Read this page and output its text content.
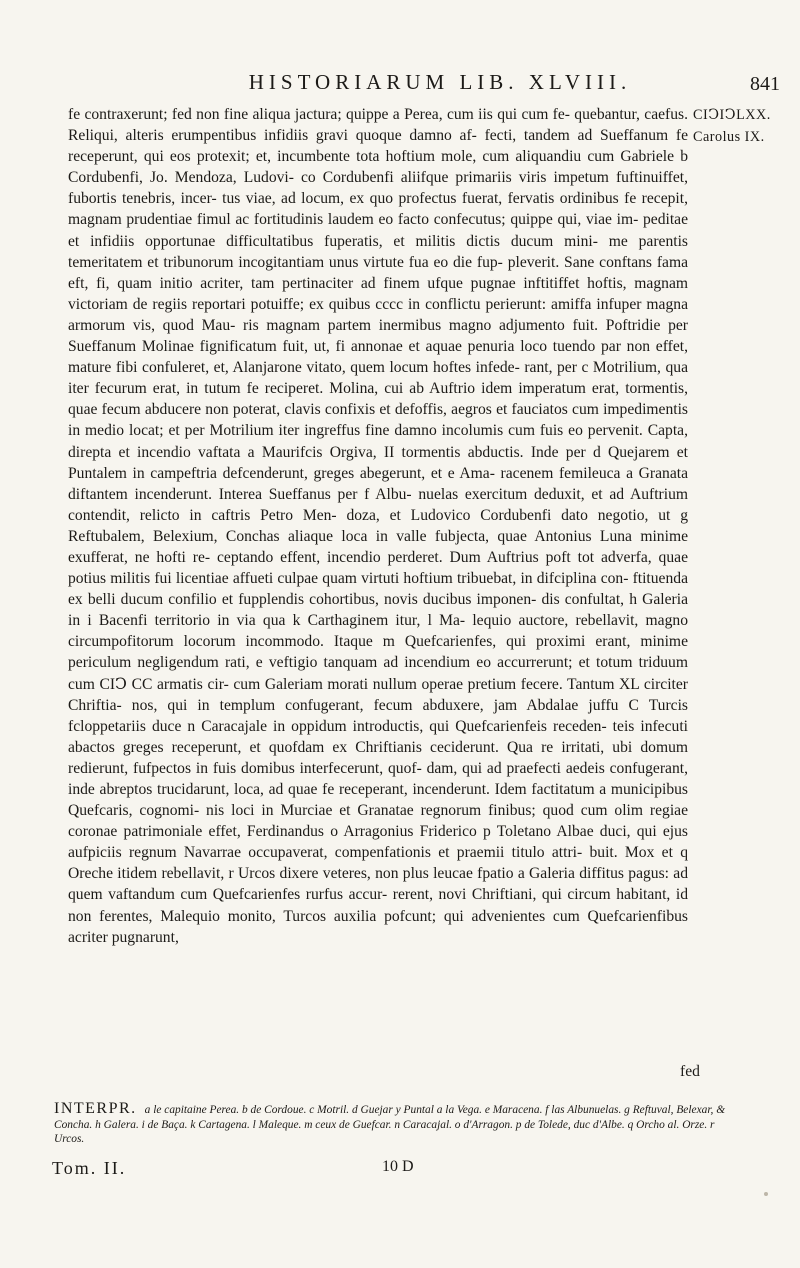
HISTORIARUM LIB. XLVIII.	841
CIↃIↃLXX.
Carolus IX.

fe contraxerunt; fed non fine aliqua jactura; quippe a Perea, cum iis qui cum fe- quebantur, caefus. Reliqui, alteris erumpentibus infidiis gravi quoque damno af- fecti, tandem ad Sueffanum fe receperunt, qui eos protexit; et, incumbente tota hoftium mole, cum aliquandiu cum Gabriele b Cordubenfi, Jo. Mendoza, Ludovi- co Cordubenfi aliifque primariis viris impetum fuftinuiffet, fubortis tenebris, incer- tus viae, ad locum, ex quo profectus fuerat, fervatis ordinibus fe recepit, magnam prudentiae fimul ac fortitudinis laudem eo facto confecutus; quippe qui, viae im- peditae et infidiis opportunae difficultatibus fuperatis, et militis dictis ducum mini- me parentis temeritatem et tribunorum incogitantiam unus virtute fua eo die fup- pleverit. Sane conftans fama eft, fi, quam initio acriter, tam pertinaciter ad finem ufque pugnae inftitiffet hoftis, magnam victoriam de regiis reportari potuiffe; ex quibus cccc in conflictu perierunt: amiffa infuper magna armorum vis, quod Mau- ris magnam partem inermibus magno adjumento fuit. Poftridie per Sueffanum Molinae fignificatum fuit, ut, fi annonae et aquae penuria loco tuendo par non effet, mature fibi confuleret, et, Alanjarone vitato, quem locum hoftes infede- rant, per c Motrilium, qua iter fecurum erat, in tutum fe reciperet. Molina, cui ab Auftrio idem imperatum erat, tormentis, quae fecum abducere non poterat, clavis confixis et defoffis, aegros et fauciatos cum impedimentis in medio locat; et per Motrilium iter ingreffus fine damno incolumis cum fuis eo pervenit. Capta, direpta et incendio vaftata a Maurifcis Orgiva, II tormentis abductis. Inde per d Quejarem et Puntalem in campeftria defcenderunt, greges abegerunt, et e Ama- racenem femileuca a Granata diftantem incenderunt. Interea Sueffanus per f Albu- nuelas exercitum deduxit, et ad Auftrium contendit, relicto in caftris Petro Men- doza, et Ludovico Cordubenfi dato negotio, ut g Reftubalem, Belexium, Conchas aliaque loca in valle fubjecta, quae Antonius Luna minime exufferat, ne hofti re- ceptando effent, incendio perderet. Dum Auftrius poft tot adverfa, quae potius militis fui licentiae affueti culpae quam virtuti hoftium tribuebat, in difciplina con- ftituenda ex belli ducum confilio et fupplendis cohortibus, novis ducibus imponen- dis confultat, h Galeria in i Bacenfi territorio in via qua k Carthaginem itur, l Ma- lequio auctore, rebellavit, magno circumpofitorum locorum incommodo. Itaque m Quefcarienfes, qui proximi erant, minime periculum negligendum rati, e veftigio tanquam ad incendium eo accurrerunt; et totum triduum cum CIↃ CC armatis cir- cum Galeriam morati nullum operae pretium fecere. Tantum XL circiter Chriftia- nos, qui in templum confugerant, fecum abduxere, jam Abdalae juffu C Turcis fcloppetariis duce n Caracajale in oppidum introductis, qui Quefcarienfeis receden- teis infecuti abactos greges receperunt, et quofdam ex Chriftianis ceciderunt. Qua re irritati, ubi domum redierunt, fufpectos in fuis domibus interfecerunt, quof- dam, qui ad praefecti aedeis confugerant, inde abreptos trucidarunt, loca, ad quae fe receperant, incenderunt. Idem factitatum a municipibus Quefcaris, cognomi- nis loci in Murciae et Granatae regnorum finibus; quod cum olim regiae coronae patrimoniale effet, Ferdinandus o Arragonius Friderico p Toletano Albae duci, qui ejus aufpiciis regnum Navarrae occupaverat, compenfationis et praemii titulo attri- buit. Mox et q Oreche itidem rebellavit, r Urcos dixere veteres, non plus leucae fpatio a Galeria diffitus pagus: ad quem vaftandum cum Quefcarienfes rurfus accur- rerent, novi Chriftiani, qui circum habitant, id non ferentes, Malequio monito, Turcos auxilia pofcunt; qui advenientes cum Quefcarienfibus acriter pugnarunt,

fed

INTERPR. a le capitaine Perea. b de Cordoue. c Motril. d Guejar y Puntal a la Vega. e Maracena. f las Albunuelas. g Reftuval, Belexar, & Concha. h Galera. i de Baça. k Cartagena. l Maleque. m ceux de Guefcar. n Caracajal. o d'Arragon. p de Tolede, duc d'Albe. q Orcho al. Orze. r Urcos.

Tom. II.	10 D
